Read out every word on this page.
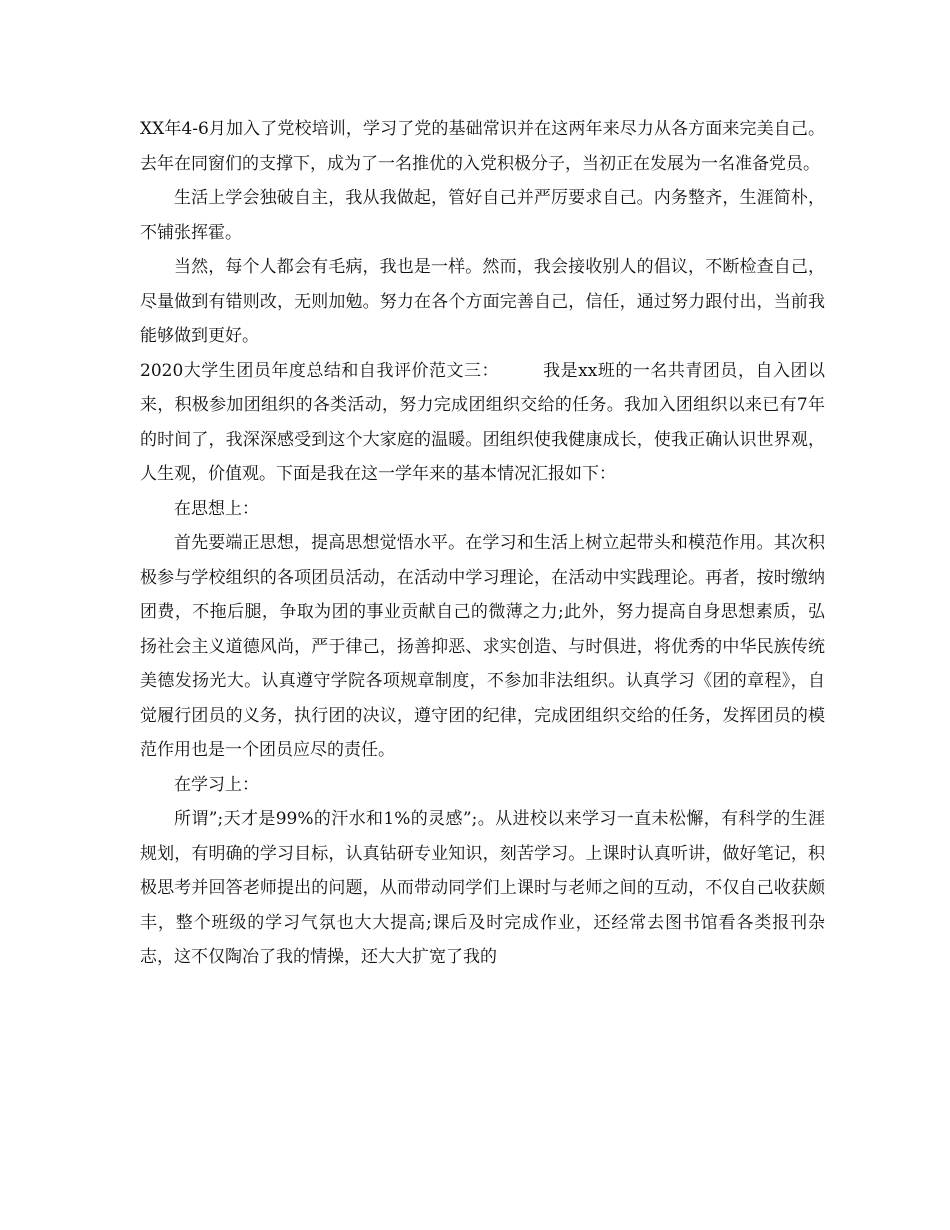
XX年4-6月加入了党校培训，学习了党的基础常识并在这两年来尽力从各方面来完美自己。去年在同窗们的支撑下，成为了一名推优的入党积极分子，当初正在发展为一名准备党员。

生活上学会独破自主，我从我做起，管好自己并严厉要求自己。内务整齐，生涯简朴，不铺张挥霍。

当然，每个人都会有毛病，我也是一样。然而，我会接收别人的倡议，不断检查自己，尽量做到有错则改，无则加勉。努力在各个方面完善自己，信任，通过努力跟付出，当前我能够做到更好。

2020大学生团员年度总结和自我评价范文三：　　　我是xx班的一名共青团员，自入团以来，积极参加团组织的各类活动，努力完成团组织交给的任务。我加入团组织以来已有7年的时间了，我深深感受到这个大家庭的温暖。团组织使我健康成长，使我正确认识世界观，人生观，价值观。下面是我在这一学年来的基本情况汇报如下：

在思想上：

首先要端正思想，提高思想觉悟水平。在学习和生活上树立起带头和模范作用。其次积极参与学校组织的各项团员活动，在活动中学习理论，在活动中实践理论。再者，按时缴纳团费，不拖后腿，争取为团的事业贡献自己的微薄之力;此外，努力提高自身思想素质，弘扬社会主义道德风尚，严于律己，扬善抑恶、求实创造、与时俱进，将优秀的中华民族传统美德发扬光大。认真遵守学院各项规章制度，不参加非法组织。认真学习《团的章程》，自觉履行团员的义务，执行团的决议，遵守团的纪律，完成团组织交给的任务，发挥团员的模范作用也是一个团员应尽的责任。

在学习上：

所谓”;天才是99%的汗水和1%的灵感”;。从进校以来学习一直未松懈，有科学的生涯规划，有明确的学习目标，认真钻研专业知识，刻苦学习。上课时认真听讲，做好笔记，积极思考并回答老师提出的问题，从而带动同学们上课时与老师之间的互动，不仅自己收获颇丰，整个班级的学习气氛也大大提高;课后及时完成作业，还经常去图书馆看各类报刊杂志，这不仅陶冶了我的情操，还大大扩宽了我的
